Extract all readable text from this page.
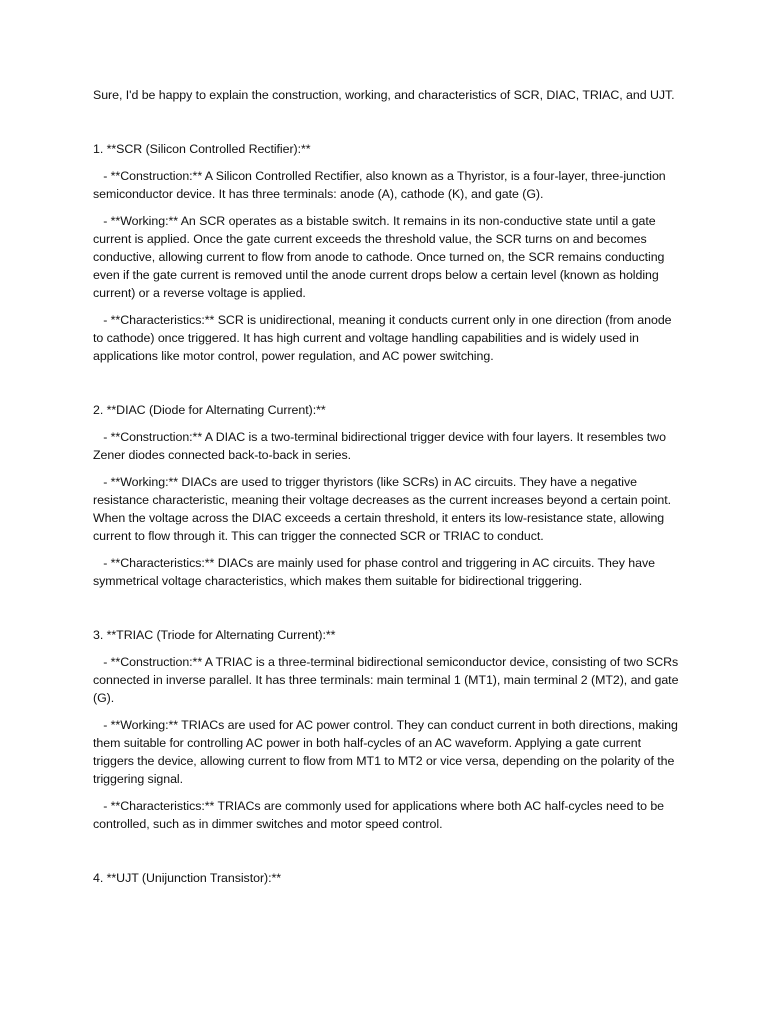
Sure, I'd be happy to explain the construction, working, and characteristics of SCR, DIAC, TRIAC, and UJT.

1. **SCR (Silicon Controlled Rectifier):**

- **Construction:** A Silicon Controlled Rectifier, also known as a Thyristor, is a four-layer, three-junction semiconductor device. It has three terminals: anode (A), cathode (K), and gate (G).

- **Working:** An SCR operates as a bistable switch. It remains in its non-conductive state until a gate current is applied. Once the gate current exceeds the threshold value, the SCR turns on and becomes conductive, allowing current to flow from anode to cathode. Once turned on, the SCR remains conducting even if the gate current is removed until the anode current drops below a certain level (known as holding current) or a reverse voltage is applied.

- **Characteristics:** SCR is unidirectional, meaning it conducts current only in one direction (from anode to cathode) once triggered. It has high current and voltage handling capabilities and is widely used in applications like motor control, power regulation, and AC power switching.

2. **DIAC (Diode for Alternating Current):**

- **Construction:** A DIAC is a two-terminal bidirectional trigger device with four layers. It resembles two Zener diodes connected back-to-back in series.

- **Working:** DIACs are used to trigger thyristors (like SCRs) in AC circuits. They have a negative resistance characteristic, meaning their voltage decreases as the current increases beyond a certain point. When the voltage across the DIAC exceeds a certain threshold, it enters its low-resistance state, allowing current to flow through it. This can trigger the connected SCR or TRIAC to conduct.

- **Characteristics:** DIACs are mainly used for phase control and triggering in AC circuits. They have symmetrical voltage characteristics, which makes them suitable for bidirectional triggering.

3. **TRIAC (Triode for Alternating Current):**

- **Construction:** A TRIAC is a three-terminal bidirectional semiconductor device, consisting of two SCRs connected in inverse parallel. It has three terminals: main terminal 1 (MT1), main terminal 2 (MT2), and gate (G).

- **Working:** TRIACs are used for AC power control. They can conduct current in both directions, making them suitable for controlling AC power in both half-cycles of an AC waveform. Applying a gate current triggers the device, allowing current to flow from MT1 to MT2 or vice versa, depending on the polarity of the triggering signal.

- **Characteristics:** TRIACs are commonly used for applications where both AC half-cycles need to be controlled, such as in dimmer switches and motor speed control.

4. **UJT (Unijunction Transistor):**
